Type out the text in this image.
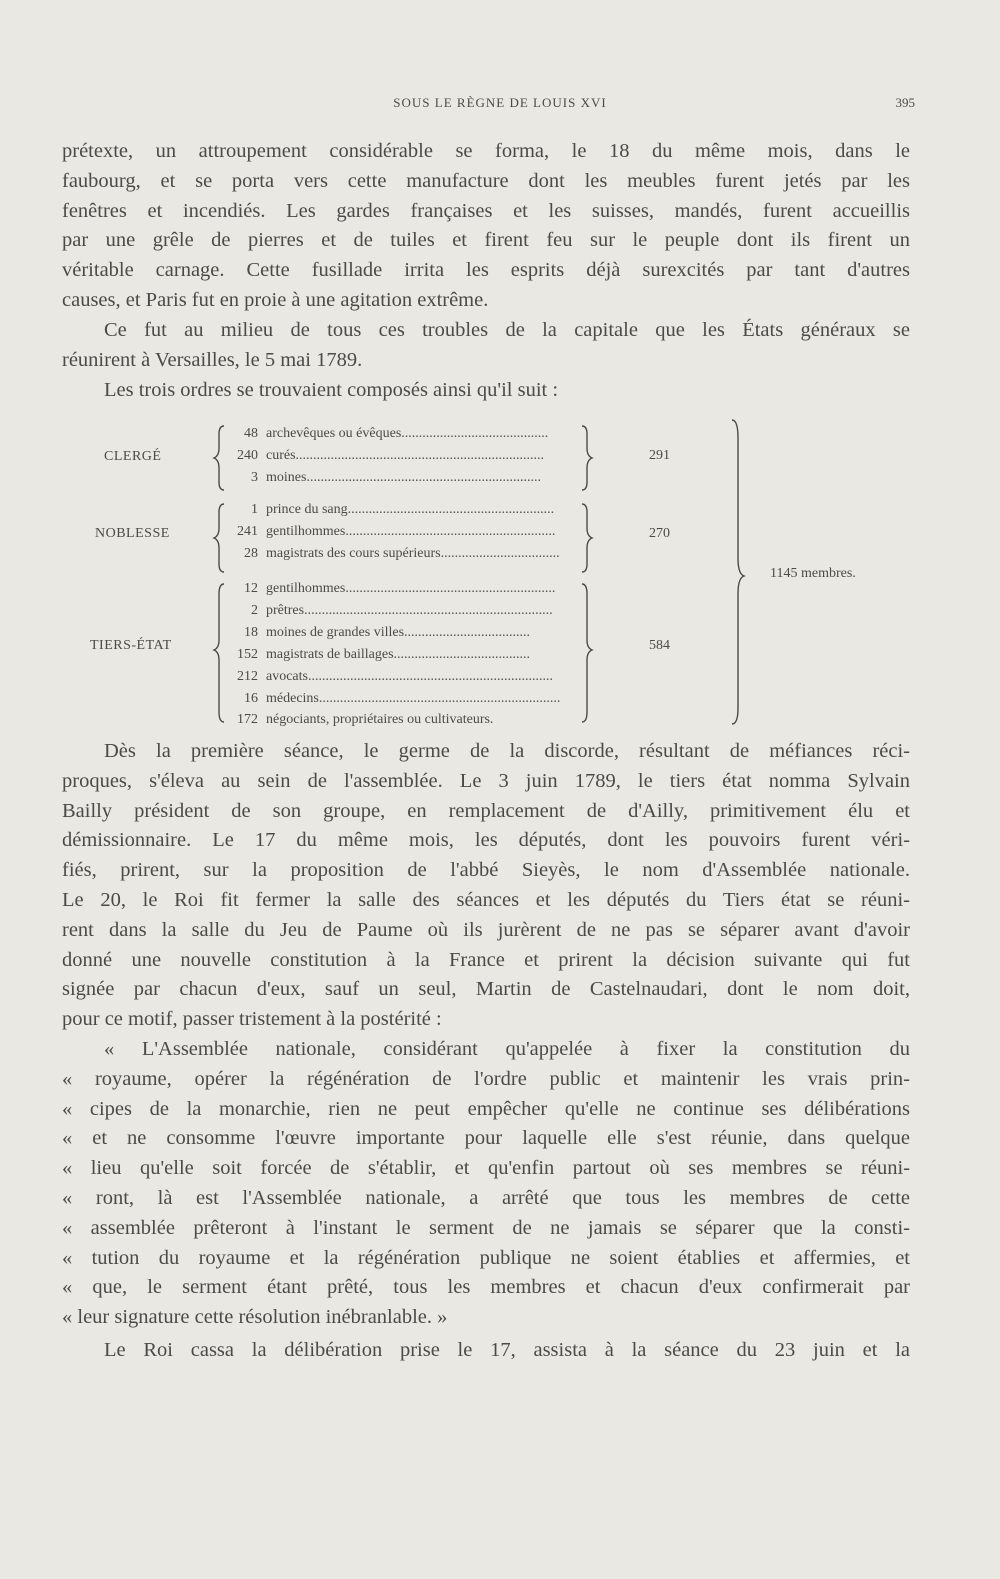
SOUS LE RÈGNE DE LOUIS XVI	395
prétexte, un attroupement considérable se forma, le 18 du même mois, dans le
faubourg, et se porta vers cette manufacture dont les meubles furent jetés par les
fenêtres et incendiés. Les gardes françaises et les suisses, mandés, furent accueillis
par une grêle de pierres et de tuiles et firent feu sur le peuple dont ils firent un
véritable carnage. Cette fusillade irrita les esprits déjà surexcités par tant d'autres
causes, et Paris fut en proie à une agitation extrême.
Ce fut au milieu de tous ces troubles de la capitale que les États généraux se
réunirent à Versailles, le 5 mai 1789.
Les trois ordres se trouvaient composés ainsi qu'il suit :
CLERGÉ
NOBLESSE
TIERS-ÉTAT
48 archevêques ou évêques..........................................
240 curés.......................................................................
3 moines...................................................................
1 prince du sang...........................................................
241 gentilhommes............................................................
28 magistrats des cours supérieurs..................................
12 gentilhommes............................................................
2 prêtres.......................................................................
18 moines de grandes villes....................................
152 magistrats de baillages.......................................
212 avocats......................................................................
16 médecins.....................................................................
172 négociants, propriétaires ou cultivateurs.
291
270
584
1145 membres.
Dès la première séance, le germe de la discorde, résultant de méfiances réci-
proques, s'éleva au sein de l'assemblée. Le 3 juin 1789, le tiers état nomma Sylvain
Bailly président de son groupe, en remplacement de d'Ailly, primitivement élu et
démissionnaire. Le 17 du même mois, les députés, dont les pouvoirs furent véri-
fiés, prirent, sur la proposition de l'abbé Sieyès, le nom d'Assemblée nationale.
Le 20, le Roi fit fermer la salle des séances et les députés du Tiers état se réuni-
rent dans la salle du Jeu de Paume où ils jurèrent de ne pas se séparer avant d'avoir
donné une nouvelle constitution à la France et prirent la décision suivante qui fut
signée par chacun d'eux, sauf un seul, Martin de Castelnaudari, dont le nom doit,
pour ce motif, passer tristement à la postérité :
« L'Assemblée nationale, considérant qu'appelée à fixer la constitution du
« royaume, opérer la régénération de l'ordre public et maintenir les vrais prin-
« cipes de la monarchie, rien ne peut empêcher qu'elle ne continue ses délibérations
« et ne consomme l'œuvre importante pour laquelle elle s'est réunie, dans quelque
« lieu qu'elle soit forcée de s'établir, et qu'enfin partout où ses membres se réuni-
« ront, là est l'Assemblée nationale, a arrêté que tous les membres de cette
« assemblée prêteront à l'instant le serment de ne jamais se séparer que la consti-
« tution du royaume et la régénération publique ne soient établies et affermies, et
« que, le serment étant prêté, tous les membres et chacun d'eux confirmerait par
« leur signature cette résolution inébranlable. »
Le Roi cassa la délibération prise le 17, assista à la séance du 23 juin et la
